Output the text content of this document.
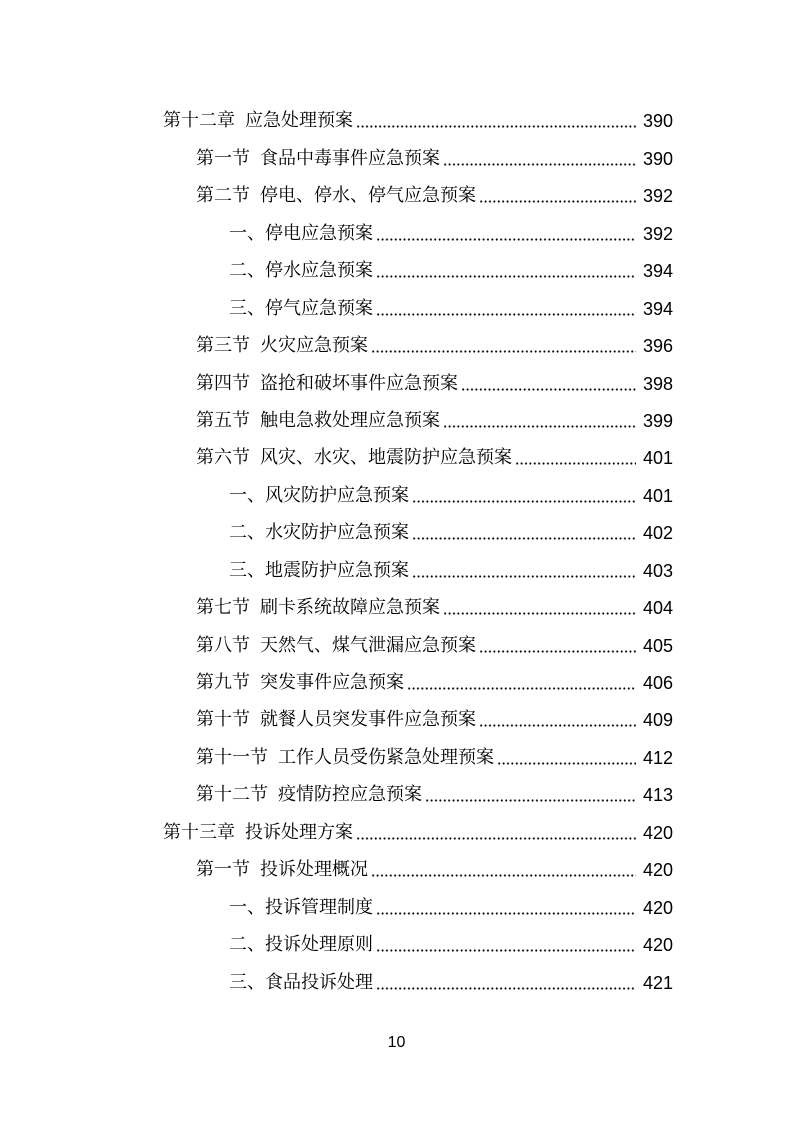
第十二章 应急处理预案	390
第一节 食品中毒事件应急预案	390
第二节 停电、停水、停气应急预案	392
一、停电应急预案	392
二、停水应急预案	394
三、停气应急预案	394
第三节 火灾应急预案	396
第四节 盗抢和破坏事件应急预案	398
第五节 触电急救处理应急预案	399
第六节 风灾、水灾、地震防护应急预案	401
一、风灾防护应急预案	401
二、水灾防护应急预案	402
三、地震防护应急预案	403
第七节 刷卡系统故障应急预案	404
第八节 天然气、煤气泄漏应急预案	405
第九节 突发事件应急预案	406
第十节 就餐人员突发事件应急预案	409
第十一节 工作人员受伤紧急处理预案	412
第十二节 疫情防控应急预案	413
第十三章 投诉处理方案	420
第一节 投诉处理概况	420
一、投诉管理制度	420
二、投诉处理原则	420
三、食品投诉处理	421
10
